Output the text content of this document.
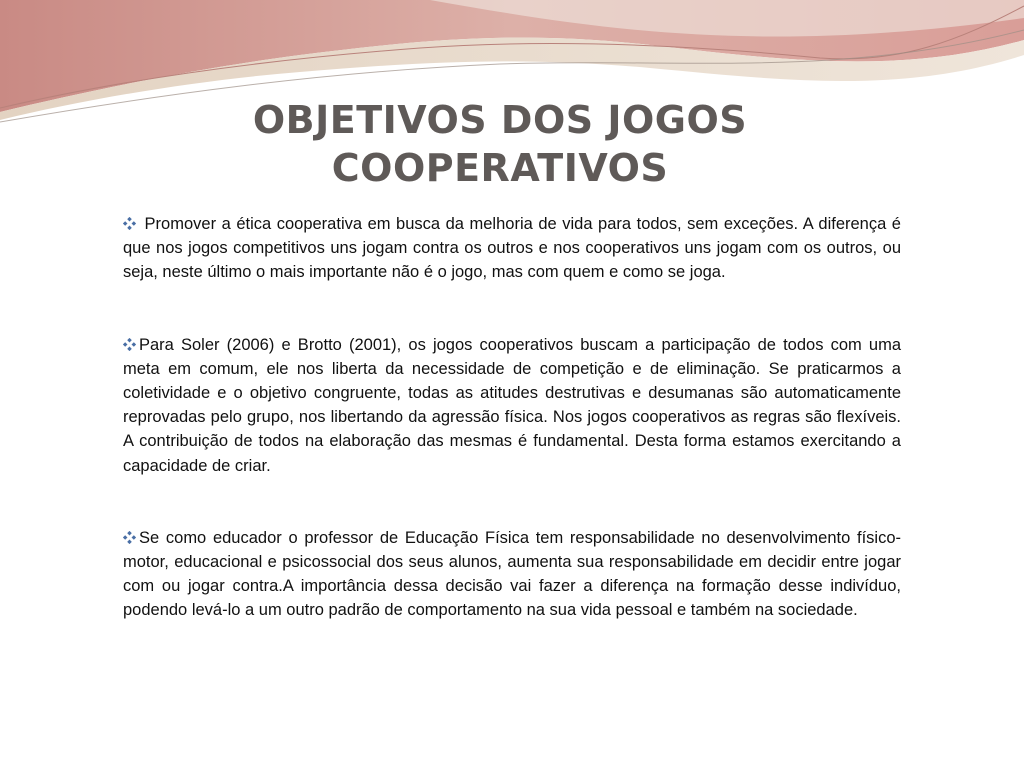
OBJETIVOS DOS JOGOS
COOPERATIVOS

Promover a ética cooperativa em busca da melhoria de vida para todos, sem exceções. A diferença é que nos jogos competitivos uns jogam contra os outros e nos cooperativos uns jogam com os outros, ou seja, neste último o mais importante não é o jogo, mas com quem e como se joga.

Para Soler (2006) e Brotto (2001), os jogos cooperativos buscam a participação de todos com uma meta em comum, ele nos liberta da necessidade de competição e de eliminação. Se praticarmos a coletividade e o objetivo congruente, todas as atitudes destrutivas e desumanas são automaticamente reprovadas pelo grupo, nos libertando da agressão física. Nos jogos cooperativos as regras são flexíveis. A contribuição de todos na elaboração das mesmas é fundamental. Desta forma estamos exercitando a capacidade de criar.

Se como educador o professor de Educação Física tem responsabilidade no desenvolvimento físico-motor, educacional e psicossocial dos seus alunos, aumenta sua responsabilidade em decidir entre jogar com ou jogar contra.A importância dessa decisão vai fazer a diferença na formação desse indivíduo, podendo levá-lo a um outro padrão de comportamento na sua vida pessoal e também na sociedade.
